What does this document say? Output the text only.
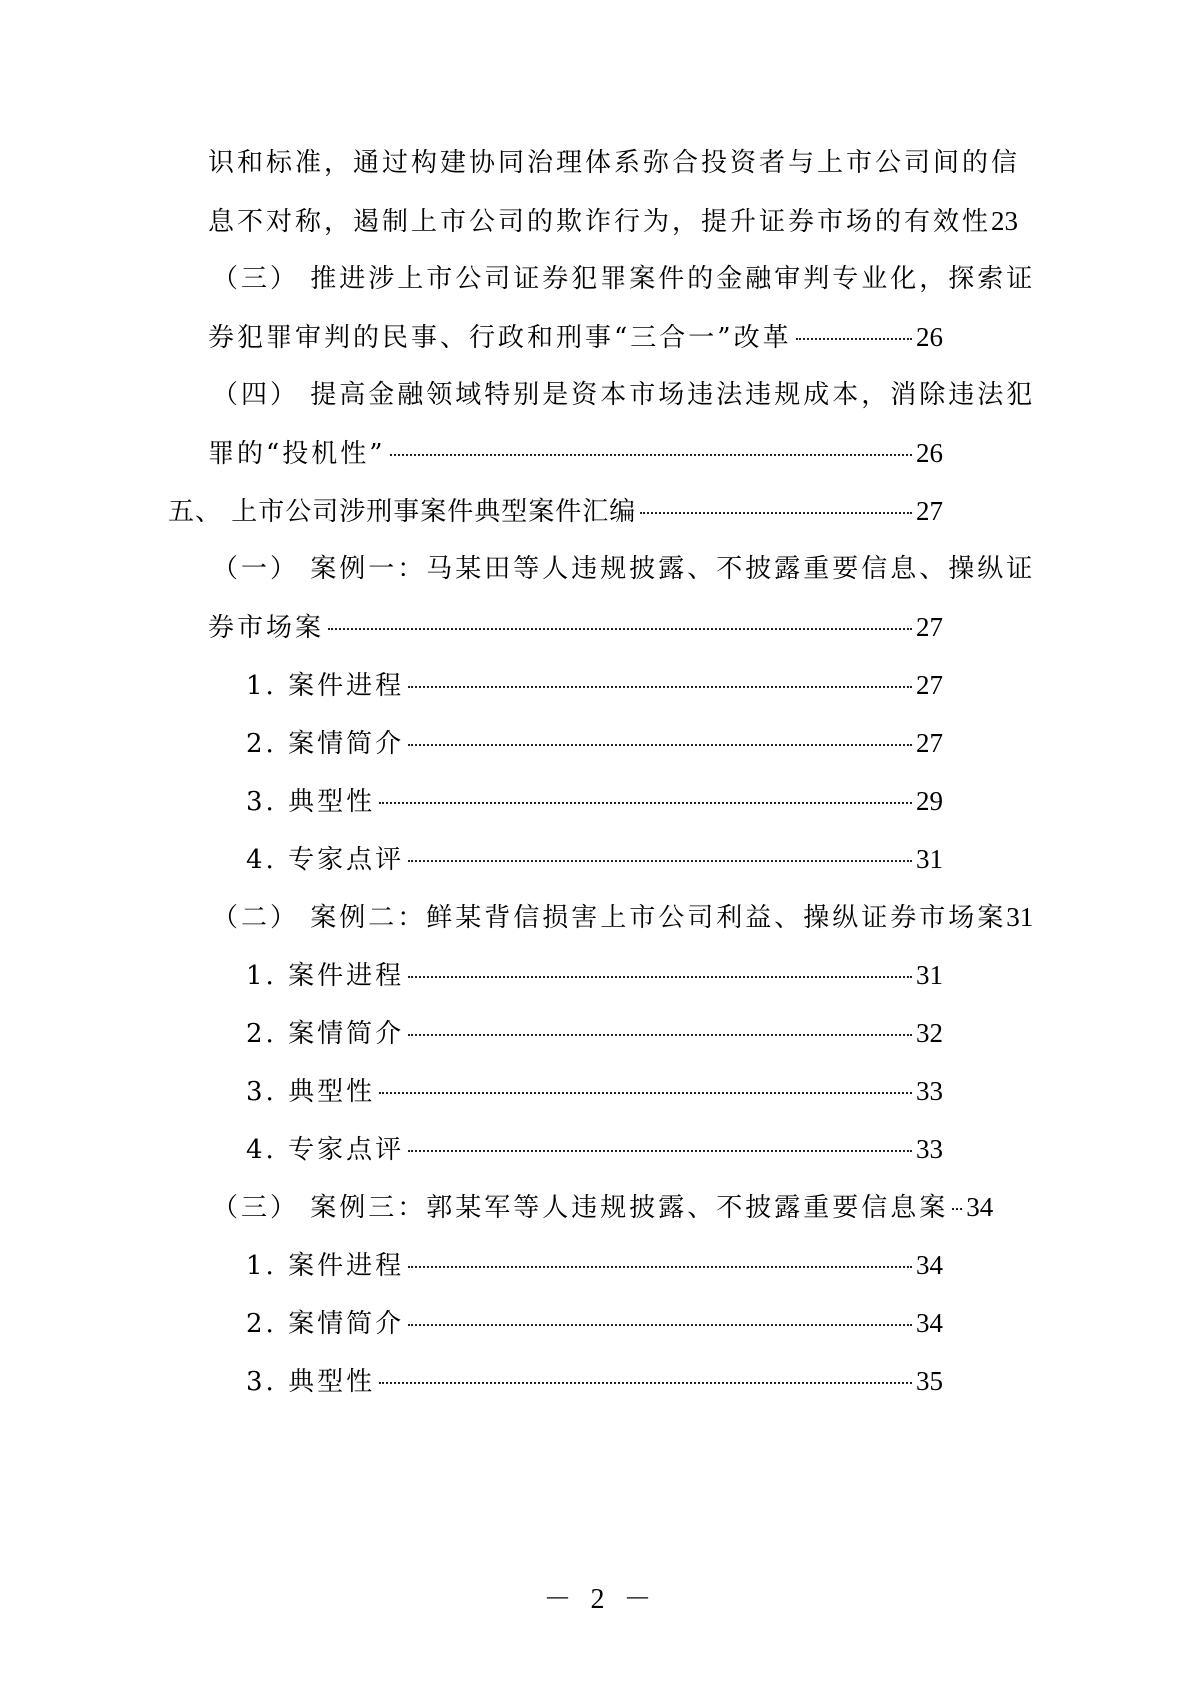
识和标准，通过构建协同治理体系弥合投资者与上市公司间的信
息不对称，遏制上市公司的欺诈行为，提升证券市场的有效性 23
（三） 推进涉上市公司证券犯罪案件的金融审判专业化，探索证
券犯罪审判的民事、行政和刑事“三合一”改革	26
（四） 提高金融领域特别是资本市场违法违规成本，消除违法犯
罪的“投机性”	26
五、 上市公司涉刑事案件典型案件汇编	27
（一） 案例一：马某田等人违规披露、不披露重要信息、操纵证
券市场案	27
1. 案件进程	27
2. 案情简介	27
3. 典型性	29
4. 专家点评	31
（二） 案例二：鲜某背信损害上市公司利益、操纵证券市场案 31
1. 案件进程	31
2. 案情简介	32
3. 典型性	33
4. 专家点评	33
（三） 案例三：郭某军等人违规披露、不披露重要信息案 34
1. 案件进程	34
2. 案情简介	34
3. 典型性	35
－ 2 －
